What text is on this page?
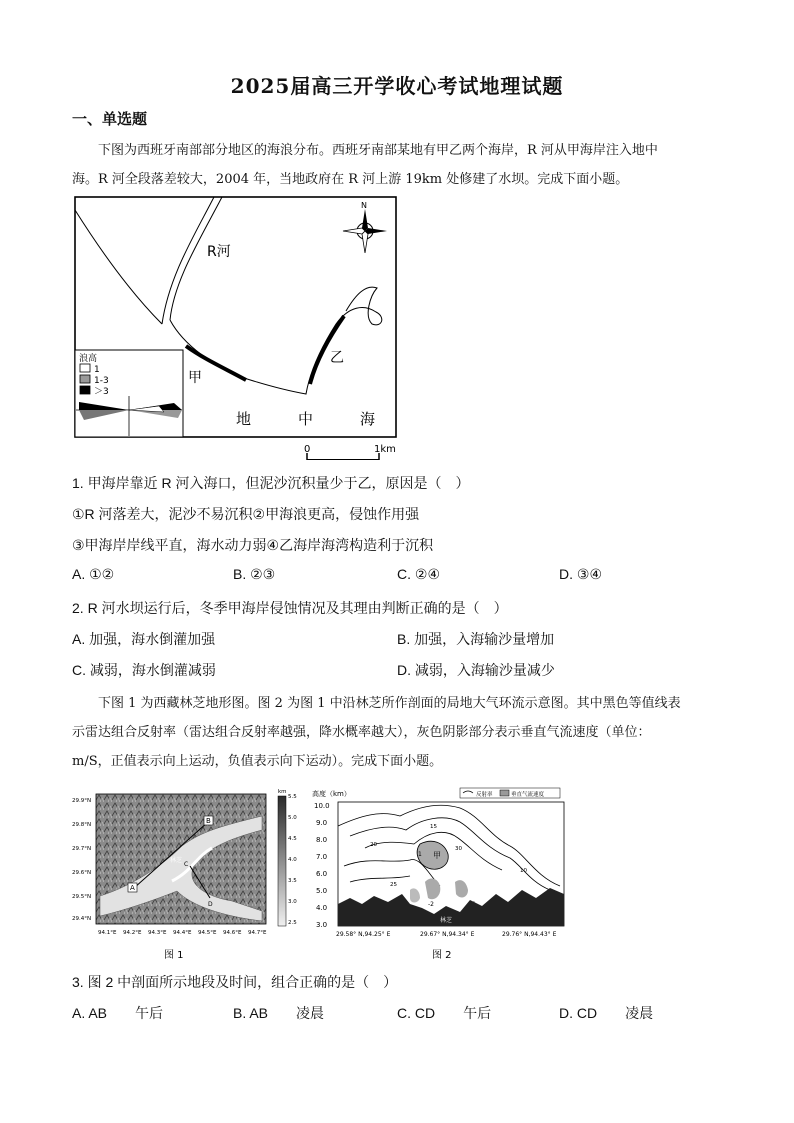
2025届高三开学收心考试地理试题
一、单选题
下图为西班牙南部部分地区的海浪分布。西班牙南部某地有甲乙两个海岸，R 河从甲海岸注入地中
海。R 河全段落差较大，2004 年，当地政府在 R 河上游 19km 处修建了水坝。完成下面小题。
R河
甲
乙
地	中	海
N
浪高
1
1-3
＞3
0	1km
1. 甲海岸靠近 R 河入海口，但泥沙沉积量少于乙，原因是（　）
①R 河落差大，泥沙不易沉积②甲海浪更高，侵蚀作用强
③甲海岸岸线平直，海水动力弱④乙海岸海湾构造利于沉积
A. ①②	B. ②③	C. ②④	D. ③④
2. R 河水坝运行后，冬季甲海岸侵蚀情况及其理由判断正确的是（　）
A. 加强，海水倒灌加强	B. 加强，入海输沙量增加
C. 减弱，海水倒灌减弱	D. 减弱，入海输沙量减少
下图 1 为西藏林芝地形图。图 2 为图 1 中沿林芝所作剖面的局地大气环流示意图。其中黑色等值线表
示雷达组合反射率（雷达组合反射率越强，降水概率越大），灰色阴影部分表示垂直气流速度（单位：
m/S，正值表示向上运动，负值表示向下运动）。完成下面小题。
A
B
C
D
林芝
29.9°N
29.8°N
29.7°N
29.6°N
29.5°N
29.4°N
94.1°E 94.2°E 94.3°E 94.4°E 94.5°E 94.6°E 94.7°E
km
5.5
5.0
4.5
4.0
3.5
3.0
2.5
图 1
高度（km）	反射率	垂直气流速度
10.0
9.0
8.0
7.0
6.0
5.0
4.0
3.0
甲
20
15
10
25
30
1
-2
林芝
29.58° N,94.25° E	29.67° N,94.34° E	29.76° N,94.43° E
图 2
3. 图 2 中剖面所示地段及时间，组合正确的是（　）
A. AB　　午后	B. AB　　凌晨	C. CD　　午后	D. CD　　凌晨
